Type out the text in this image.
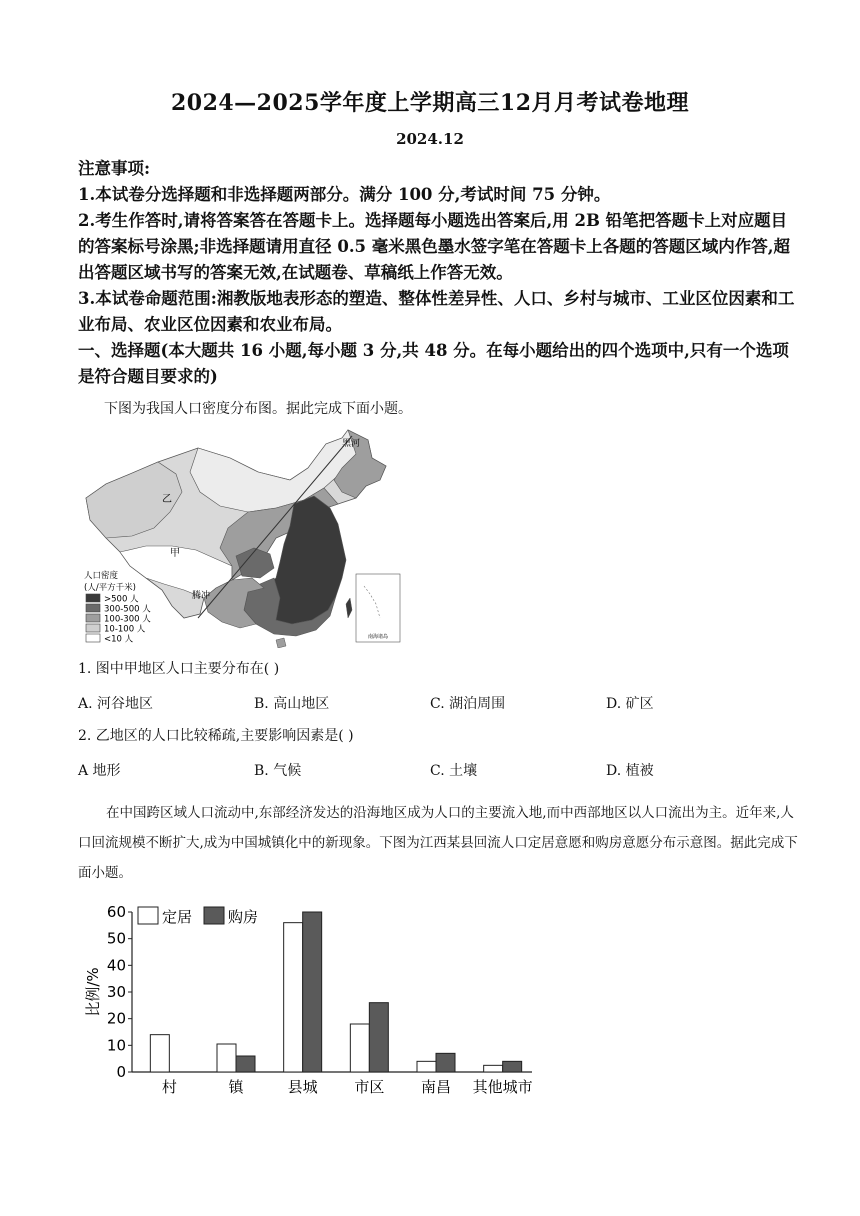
2024—2025学年度上学期高三12月月考试卷地理
2024.12
注意事项:
1.本试卷分选择题和非选择题两部分。满分 100 分,考试时间 75 分钟。
2.考生作答时,请将答案答在答题卡上。选择题每小题选出答案后,用 2B 铅笔把答题卡上对应题目的答案标号涂黑;非选择题请用直径 0.5 毫米黑色墨水签字笔在答题卡上各题的答题区域内作答,超出答题区域书写的答案无效,在试题卷、草稿纸上作答无效。
3.本试卷命题范围:湘教版地表形态的塑造、整体性差异性、人口、乡村与城市、工业区位因素和工业布局、农业区位因素和农业布局。
一、选择题(本大题共 16 小题,每小题 3 分,共 48 分。在每小题给出的四个选项中,只有一个选项是符合题目要求的)
下图为我国人口密度分布图。据此完成下面小题。
黑河
腾冲
乙
甲
南海诸岛
人口密度
(人/平方千米)
>500 人
300-500 人
100-300 人
10-100 人
<10 人
1. 图中甲地区人口主要分布在( )
A. 河谷地区	B. 高山地区	C. 湖泊周围	D. 矿区
2. 乙地区的人口比较稀疏,主要影响因素是( )
A 地形	B. 气候	C. 土壤	D. 植被
在中国跨区域人口流动中,东部经济发达的沿海地区成为人口的主要流入地,而中西部地区以人口流出为主。近年来,人口回流规模不断扩大,成为中国城镇化中的新现象。下图为江西某县回流人口定居意愿和购房意愿分布示意图。据此完成下面小题。
0
10
20
30
40
50
60
比例/%
村	镇	县城 市区 南昌 其他城市
定居 购房
